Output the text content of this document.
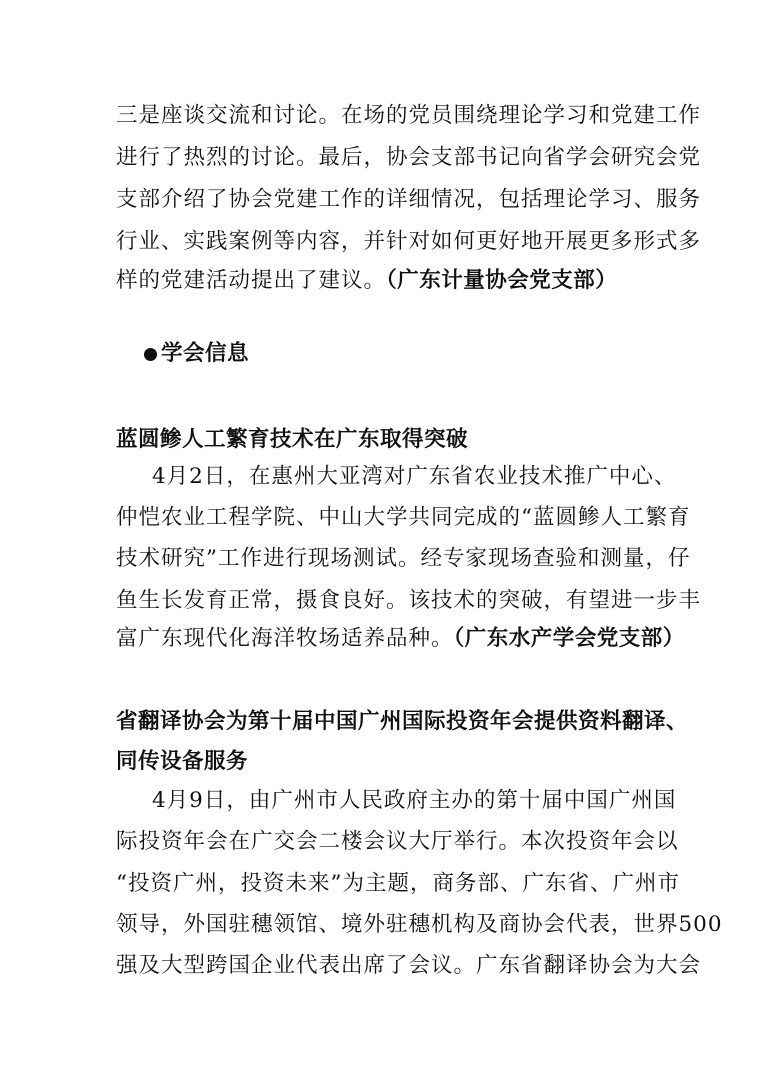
三是座谈交流和讨论。在场的党员围绕理论学习和党建工作
进行了热烈的讨论。最后，协会支部书记向省学会研究会党
支部介绍了协会党建工作的详细情况，包括理论学习、服务
行业、实践案例等内容，并针对如何更好地开展更多形式多
样的党建活动提出了建议。（广东计量协会党支部）
学会信息
蓝圆鲹人工繁育技术在广东取得突破
4月2日，在惠州大亚湾对广东省农业技术推广中心、
仲恺农业工程学院、中山大学共同完成的“蓝圆鲹人工繁育
技术研究”工作进行现场测试。经专家现场查验和测量，仔
鱼生长发育正常，摄食良好。该技术的突破，有望进一步丰
富广东现代化海洋牧场适养品种。（广东水产学会党支部）
省翻译协会为第十届中国广州国际投资年会提供资料翻译、
同传设备服务
4月9日，由广州市人民政府主办的第十届中国广州国
际投资年会在广交会二楼会议大厅举行。本次投资年会以
“投资广州，投资未来”为主题，商务部、广东省、广州市
领导，外国驻穗领馆、境外驻穗机构及商协会代表，世界500
强及大型跨国企业代表出席了会议。广东省翻译协会为大会
